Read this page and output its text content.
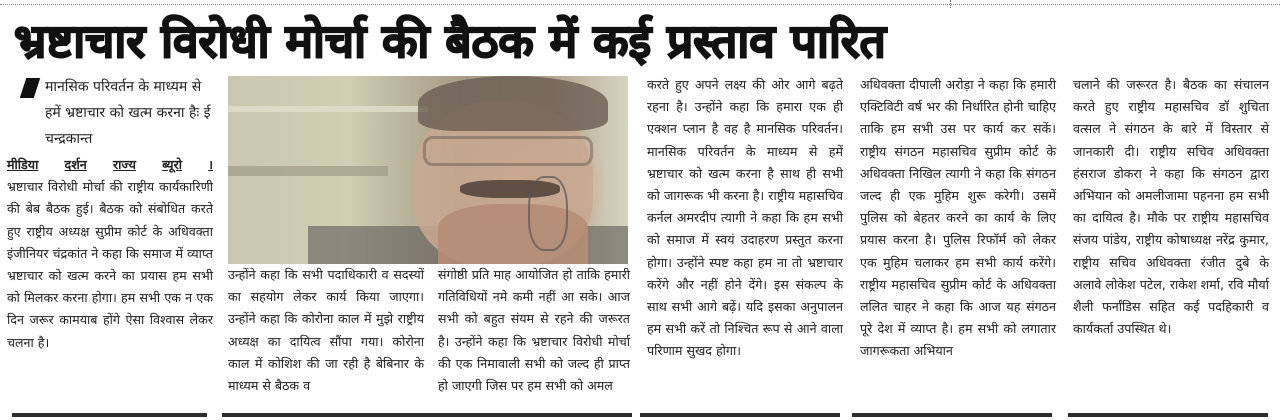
भ्रष्टाचार विरोधी मोर्चा की बैठक में कई प्रस्ताव पारित
मानसिक परिवर्तन के माध्यम से हमें भ्रष्टाचार को खत्म करना हैः ई चन्द्रकान्त
मीडिया दर्शन राज्य ब्यूरो ।

भ्रष्टाचार विरोधी मोर्चा की राष्ट्रीय कार्यकारिणी की बेब बैठक हुई। बैठक को संबोधित करते हुए राष्ट्रीय अध्यक्ष सुप्रीम कोर्ट के अधिवक्ता इंजीनियर चंद्रकांत ने कहा कि समाज में व्याप्त भ्रष्टाचार को खत्म करने का प्रयास हम सभी को मिलकर करना होगा। हम सभी एक न एक दिन जरूर कामयाब होंगे ऐसा विश्वास लेकर चलना है।

उन्होंने कहा कि सभी पदाधिकारी व सदस्यों का सहयोग लेकर कार्य किया जाएगा। उन्होंने कहा कि कोरोना काल में मुझे राष्ट्रीय अध्यक्ष का दायित्व सौंपा गया। कोरोना काल में कोशिश की जा रही है बेबिनार के माध्यम से बैठक व

संगोष्ठी प्रति माह आयोजित हो ताकि हमारी गतिविधियों नमे कमी नहीं आ सके। आज सभी को बहुत संयम से रहने की जरूरत है। उन्होंने कहा कि भ्रष्टाचार विरोधी मोर्चा की एक निमावाली सभी को जल्द ही प्राप्त हो जाएगी जिस पर हम सभी को अमल

करते हुए अपने लक्ष्य की ओर आगे बढ़ते रहना है। उन्होंने कहा कि हमारा एक ही एक्शन प्लान है वह है मानसिक परिवर्तन। मानसिक परिवर्तन के माध्यम से हमें भ्रष्टाचार को खत्म करना है साथ ही सभी को जागरूक भी करना है। राष्ट्रीय महासचिव कर्नल अमरदीप त्यागी ने कहा कि हम सभी को समाज में स्वयं उदाहरण प्रस्तुत करना होगा। उन्होंने स्पष्ट कहा हम ना तो भ्रष्टाचार करेंगे और नहीं होने देंगे। इस संकल्प के साथ सभी आगे बढ़ें। यदि इसका अनुपालन हम सभी करें तो निश्चित रूप से आने वाला परिणाम सुखद होगा।

अधिवक्ता दीपाली अरोड़ा ने कहा कि हमारी एक्टिविटी वर्ष भर की निर्धारित होनी चाहिए ताकि हम सभी उस पर कार्य कर सकें। राष्ट्रीय संगठन महासचिव सुप्रीम कोर्ट के अधिवक्ता निखिल त्यागी ने कहा कि संगठन जल्द ही एक मुहिम शुरू करेगी। उसमें पुलिस को बेहतर करने का कार्य के लिए प्रयास करना है। पुलिस रिफॉर्म को लेकर एक मुहिम चलाकर हम सभी कार्य करेंगे। राष्ट्रीय महासचिव सुप्रीम कोर्ट के अधिवक्ता ललित चाहर ने कहा कि आज यह संगठन पूरे देश में व्याप्त है। हम सभी को लगातार जागरूकता अभियान

चलाने की जरूरत है। बैठक का संचालन करते हुए राष्ट्रीय महासचिव डॉ शुचिता वत्सल ने संगठन के बारे में विस्तार से जानकारी दी। राष्ट्रीय सचिव अधिवक्ता हंसराज डोकरा ने कहा कि संगठन द्वारा अभियान को अमलीजामा पहनना हम सभी का दायित्व है। मौके पर राष्ट्रीय महासचिव संजय पांडेय, राष्ट्रीय कोषाध्यक्ष नरेंद्र कुमार, राष्ट्रीय सचिव अधिवक्ता रंजीत दुबे के अलावे लोकेश पटेल, राकेश शर्मा, रवि मौर्या शैली फर्नांडिस सहित कई पदहिकारी व कार्यकर्ता उपस्थित थे।
